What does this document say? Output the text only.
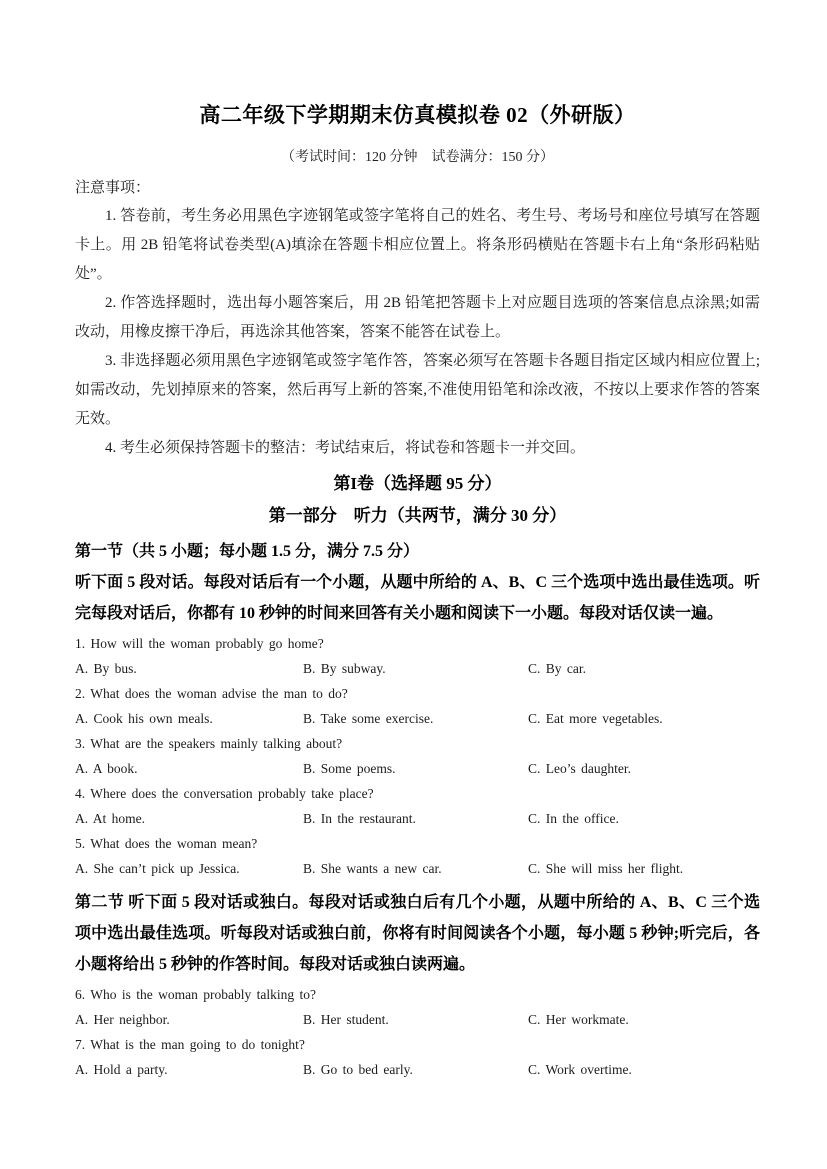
高二年级下学期期末仿真模拟卷 02（外研版）
（考试时间：120 分钟　试卷满分：150 分）
注意事项：

1. 答卷前，考生务必用黑色字迹钢笔或签字笔将自己的姓名、考生号、考场号和座位号填写在答题卡上。用 2B 铅笔将试卷类型(A)填涂在答题卡相应位置上。将条形码横贴在答题卡右上角“条形码粘贴处”。

2. 作答选择题时，选出每小题答案后，用 2B 铅笔把答题卡上对应题目选项的答案信息点涂黑;如需改动，用橡皮擦干净后，再选涂其他答案，答案不能答在试卷上。

3. 非选择题必须用黑色字迹钢笔或签字笔作答，答案必须写在答题卡各题目指定区域内相应位置上;如需改动，先划掉原来的答案，然后再写上新的答案,不准使用铅笔和涂改液，不按以上要求作答的答案无效。

4. 考生必须保持答题卡的整洁：考试结束后，将试卷和答题卡一并交回。

第I卷（选择题 95 分）
第一部分　听力（共两节，满分 30 分）
第一节（共 5 小题；每小题 1.5 分，满分 7.5 分）

听下面 5 段对话。每段对话后有一个小题，从题中所给的 A、B、C 三个选项中选出最佳选项。听完每段对话后，你都有 10 秒钟的时间来回答有关小题和阅读下一小题。每段对话仅读一遍。

1. How will the woman probably go home?
A. By bus.	B. By subway.	C. By car.
2. What does the woman advise the man to do?
A. Cook his own meals.	B. Take some exercise.	C. Eat more vegetables.
3. What are the speakers mainly talking about?
A. A book.	B. Some poems.	C. Leo’s daughter.
4. Where does the conversation probably take place?
A. At home.	B. In the restaurant.	C. In the office.
5. What does the woman mean?
A. She can’t pick up Jessica.	B. She wants a new car.	C. She will miss her flight.

第二节 听下面 5 段对话或独白。每段对话或独白后有几个小题，从题中所给的 A、B、C 三个选项中选出最佳选项。听每段对话或独白前，你将有时间阅读各个小题，每小题 5 秒钟;听完后，各小题将给出 5 秒钟的作答时间。每段对话或独白读两遍。

6. Who is the woman probably talking to?
A. Her neighbor.	B. Her student.	C. Her workmate.
7. What is the man going to do tonight?
A. Hold a party.	B. Go to bed early.	C. Work overtime.
